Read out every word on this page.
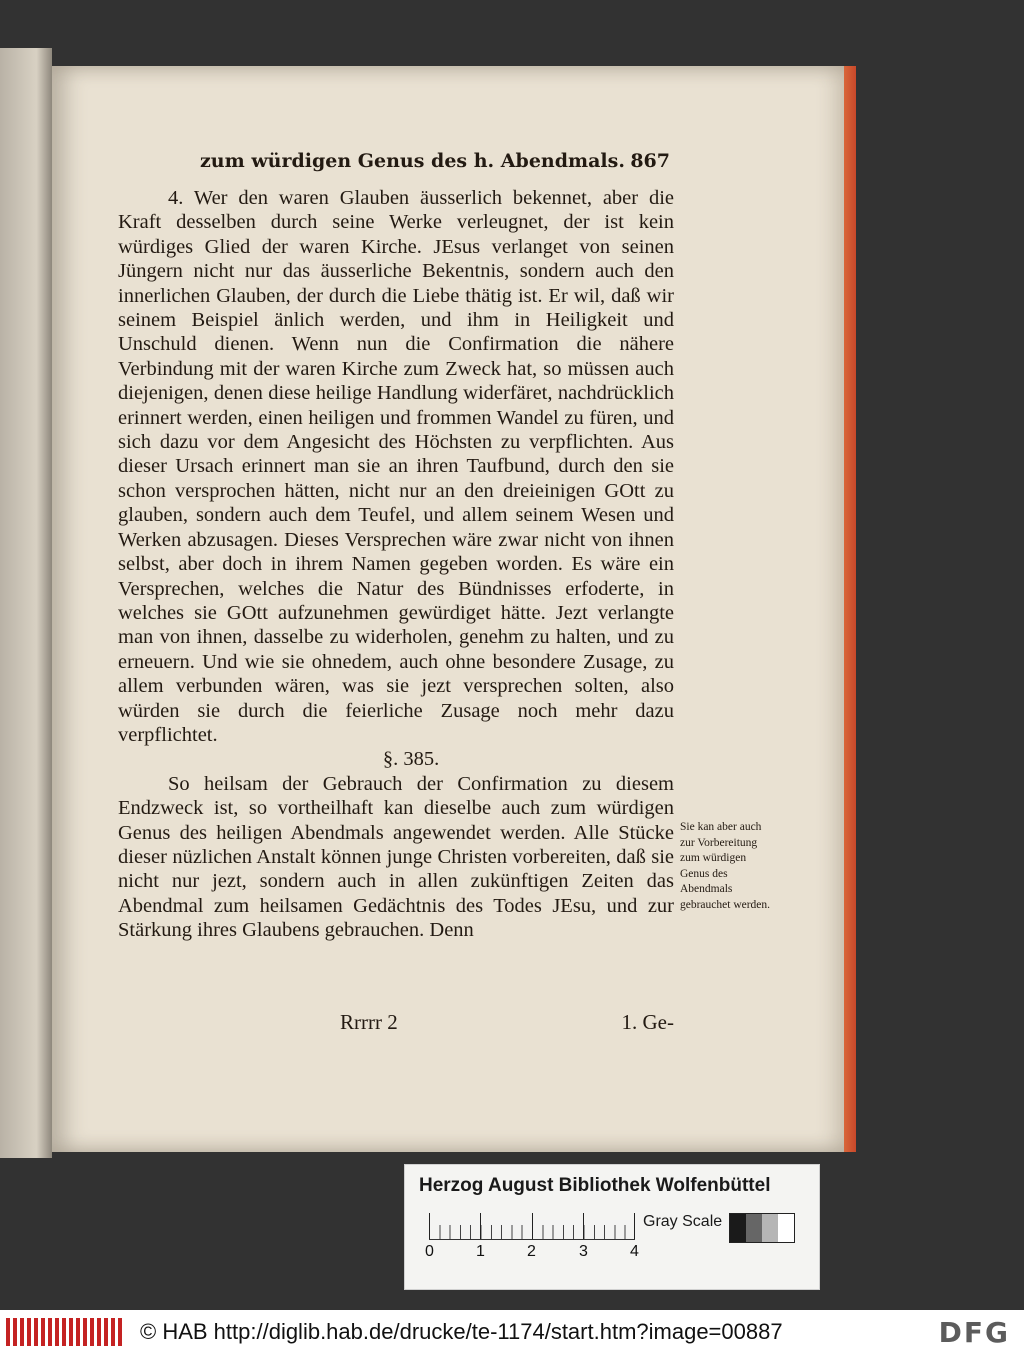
zum würdigen Genus des h. Abendmals. 867

4. Wer den waren Glauben äusserlich bekennet, aber die Kraft desselben durch seine Werke verleugnet, der ist kein würdiges Glied der waren Kirche. JEsus verlanget von seinen Jüngern nicht nur das äusserliche Bekentnis, sondern auch den innerlichen Glauben, der durch die Liebe thätig ist. Er wil, daß wir seinem Beispiel änlich werden, und ihm in Heiligkeit und Unschuld dienen. Wenn nun die Confirmation die nähere Verbindung mit der waren Kirche zum Zweck hat, so müssen auch diejenigen, denen diese heilige Handlung widerfäret, nachdrücklich erinnert werden, einen heiligen und frommen Wandel zu füren, und sich dazu vor dem Angesicht des Höchsten zu verpflichten. Aus dieser Ursach erinnert man sie an ihren Taufbund, durch den sie schon versprochen hätten, nicht nur an den dreieinigen GOtt zu glauben, sondern auch dem Teufel, und allem seinem Wesen und Werken abzusagen. Dieses Versprechen wäre zwar nicht von ihnen selbst, aber doch in ihrem Namen gegeben worden. Es wäre ein Versprechen, welches die Natur des Bündnisses erfoderte, in welches sie GOtt aufzunehmen gewürdiget hätte. Jezt verlangte man von ihnen, dasselbe zu widerholen, genehm zu halten, und zu erneuern. Und wie sie ohnedem, auch ohne besondere Zusage, zu allem verbunden wären, was sie jezt versprechen solten, also würden sie durch die feierliche Zusage noch mehr dazu verpflichtet.

§. 385.

So heilsam der Gebrauch der Confirmation zu diesem Endzweck ist, so vortheilhaft kan dieselbe auch zum würdigen Genus des heiligen Abendmals angewendet werden. Alle Stücke dieser nüzlichen Anstalt können junge Christen vorbereiten, daß sie nicht nur jezt, sondern auch in allen zukünftigen Zeiten das Abendmal zum heilsamen Gedächtnis des Todes JEsu, und zur Stärkung ihres Glaubens gebrauchen. Denn

Sie kan aber auch zur Vorbereitung zum würdigen Genus des Abendmals gebrauchet werden.
Rrrrr 2	1. Ge-
Herzog August Bibliothek Wolfenbüttel
0	1	2	3	4
Gray Scale
© HAB http://diglib.hab.de/drucke/te-1174/start.htm?image=00887	DFG
